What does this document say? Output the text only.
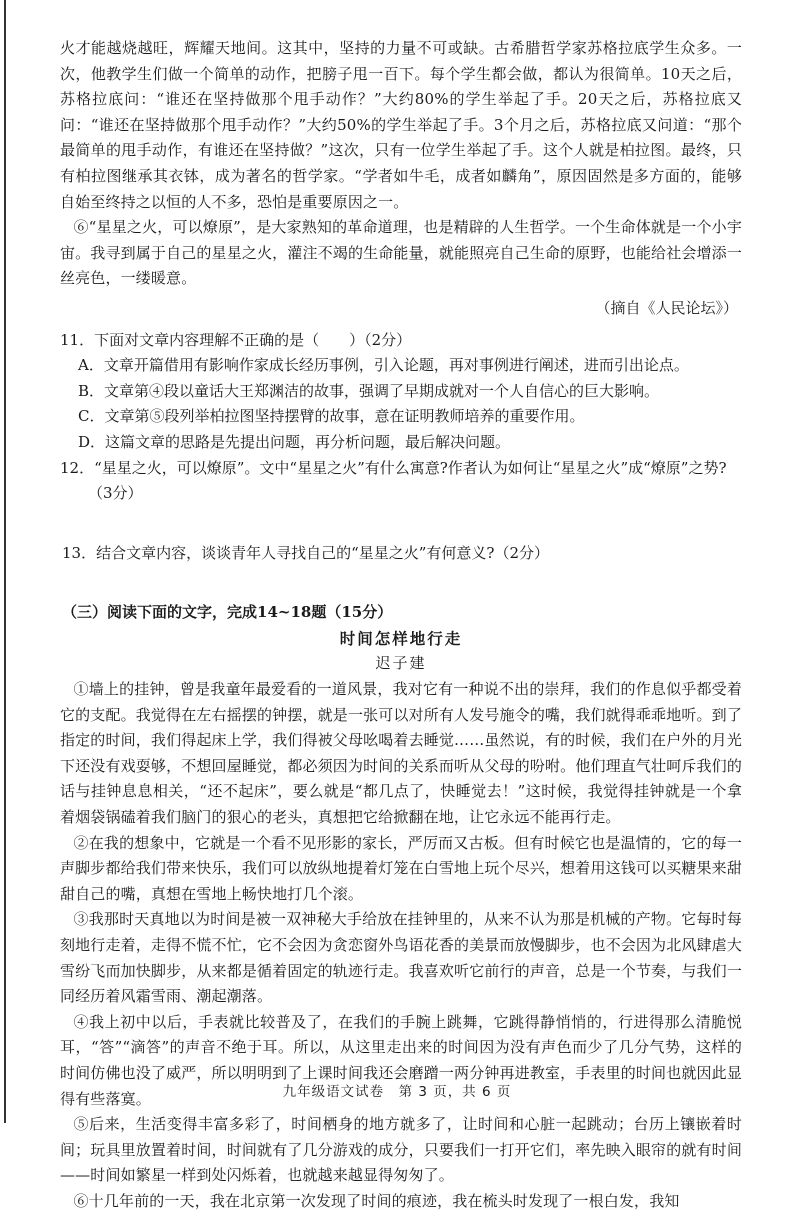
火才能越烧越旺，辉耀天地间。这其中，坚持的力量不可或缺。古希腊哲学家苏格拉底学生众多。一次，他教学生们做一个简单的动作，把膀子甩一百下。每个学生都会做，都认为很简单。10天之后，苏格拉底问：“谁还在坚持做那个甩手动作？”大约80%的学生举起了手。20天之后，苏格拉底又问：“谁还在坚持做那个甩手动作？”大约50%的学生举起了手。3个月之后，苏格拉底又问道：“那个最简单的甩手动作，有谁还在坚持做？”这次，只有一位学生举起了手。这个人就是柏拉图。最终，只有柏拉图继承其衣钵，成为著名的哲学家。“学者如牛毛，成者如麟角”，原因固然是多方面的，能够自始至终持之以恒的人不多，恐怕是重要原因之一。

⑥“星星之火，可以燎原”，是大家熟知的革命道理，也是精辟的人生哲学。一个生命体就是一个小宇宙。我寻到属于自己的星星之火，灌注不竭的生命能量，就能照亮自己生命的原野，也能给社会增添一丝亮色，一缕暖意。

（摘自《人民论坛》）

11．下面对文章内容理解不正确的是（　　）（2分）

A．文章开篇借用有影响作家成长经历事例，引入论题，再对事例进行阐述，进而引出论点。

B．文章第④段以童话大王郑渊洁的故事，强调了早期成就对一个人自信心的巨大影响。

C．文章第⑤段列举柏拉图坚持摆臂的故事，意在证明教师培养的重要作用。

D．这篇文章的思路是先提出问题，再分析问题，最后解决问题。

12．“星星之火，可以燎原”。文中“星星之火”有什么寓意?作者认为如何让“星星之火”成“燎原”之势?（3分）

13．结合文章内容，谈谈青年人寻找自己的“星星之火”有何意义?（2分）

（三）阅读下面的文字，完成14~18题（15分）

时间怎样地行走

迟子建

①墙上的挂钟，曾是我童年最爱看的一道风景，我对它有一种说不出的崇拜，我们的作息似乎都受着它的支配。我觉得在左右摇摆的钟摆，就是一张可以对所有人发号施令的嘴，我们就得乖乖地听。到了指定的时间，我们得起床上学，我们得被父母吆喝着去睡觉……虽然说，有的时候，我们在户外的月光下还没有戏耍够，不想回屋睡觉，都必须因为时间的关系而听从父母的吩咐。他们理直气壮呵斥我们的话与挂钟息息相关，“还不起床”，要么就是“都几点了，快睡觉去！”这时候，我觉得挂钟就是一个拿着烟袋锅磕着我们脑门的狠心的老头，真想把它给掀翻在地，让它永远不能再行走。

②在我的想象中，它就是一个看不见形影的家长，严厉而又古板。但有时候它也是温情的，它的每一声脚步都给我们带来快乐，我们可以放纵地提着灯笼在白雪地上玩个尽兴，想着用这钱可以买糖果来甜甜自己的嘴，真想在雪地上畅快地打几个滚。

③我那时天真地以为时间是被一双神秘大手给放在挂钟里的，从来不认为那是机械的产物。它每时每刻地行走着，走得不慌不忙，它不会因为贪恋窗外鸟语花香的美景而放慢脚步，也不会因为北风肆虐大雪纷飞而加快脚步，从来都是循着固定的轨迹行走。我喜欢听它前行的声音，总是一个节奏，与我们一同经历着风霜雪雨、潮起潮落。

④我上初中以后，手表就比较普及了，在我们的手腕上跳舞，它跳得静悄悄的，行进得那么清脆悦耳，“答”“滴答”的声音不绝于耳。所以，从这里走出来的时间因为没有声色而少了几分气势，这样的时间仿佛也没了威严，所以明明到了上课时间我还会磨蹭一两分钟再进教室，手表里的时间也就因此显得有些落寞。

⑤后来，生活变得丰富多彩了，时间栖身的地方就多了，让时间和心脏一起跳动；台历上镶嵌着时间；玩具里放置着时间，时间就有了几分游戏的成分，只要我们一打开它们，率先映入眼帘的就有时间——时间如繁星一样到处闪烁着，也就越来越显得匆匆了。

⑥十几年前的一天，我在北京第一次发现了时间的痕迹，我在梳头时发现了一根白发，我知

九年级语文试卷　第 3 页，共 6 页
